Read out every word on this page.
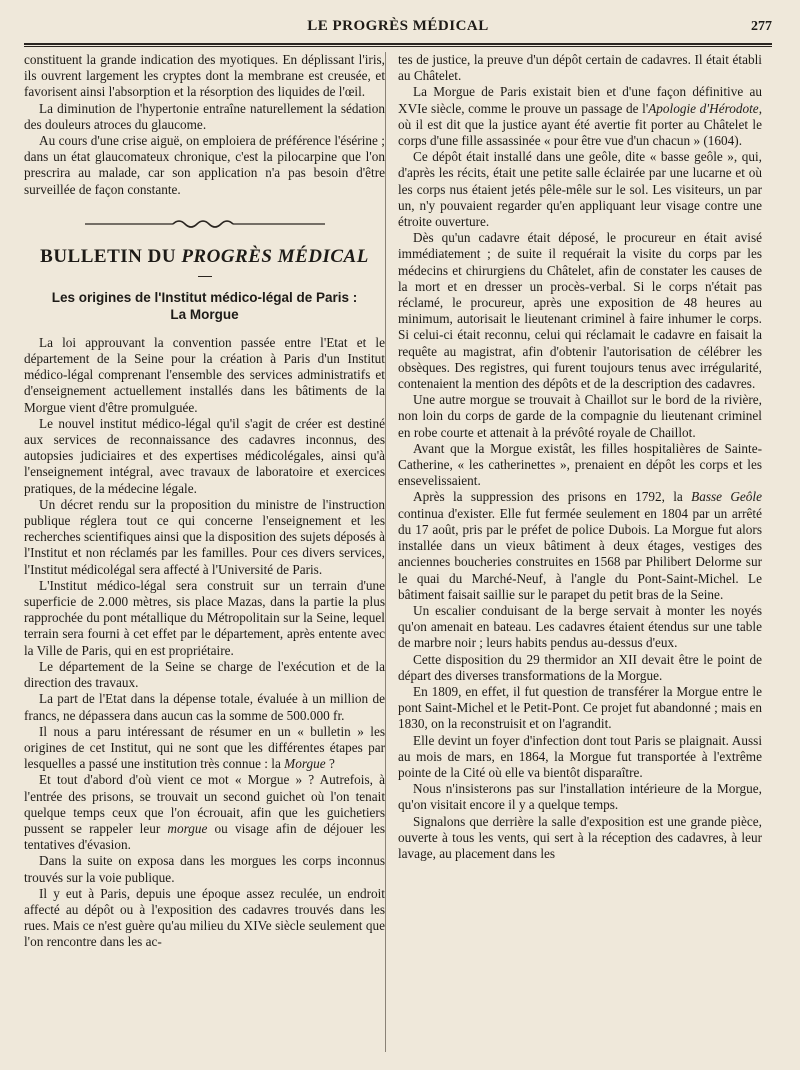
LE PROGRÈS MÉDICAL	277

constituent la grande indication des myotiques. En déplissant l'iris, ils ouvrent largement les cryptes dont la membrane est creusée, et favorisent ainsi l'absorption et la résorption des liquides de l'œil.

La diminution de l'hypertonie entraîne naturellement la sédation des douleurs atroces du glaucome.

Au cours d'une crise aiguë, on emploiera de préférence l'ésérine ; dans un état glaucomateux chronique, c'est la pilocarpine que l'on prescrira au malade, car son application n'a pas besoin d'être surveillée de façon constante.

BULLETIN DU PROGRÈS MÉDICAL
Les origines de l'Institut médico-légal de Paris :
La Morgue

La loi approuvant la convention passée entre l'Etat et le département de la Seine pour la création à Paris d'un Institut médico-légal comprenant l'ensemble des services administratifs et d'enseignement actuellement installés dans les bâtiments de la Morgue vient d'être promulguée.

Le nouvel institut médico-légal qu'il s'agit de créer est destiné aux services de reconnaissance des cadavres inconnus, des autopsies judiciaires et des expertises médicolégales, ainsi qu'à l'enseignement intégral, avec travaux de laboratoire et exercices pratiques, de la médecine légale.

Un décret rendu sur la proposition du ministre de l'instruction publique réglera tout ce qui concerne l'enseignement et les recherches scientifiques ainsi que la disposition des sujets déposés à l'Institut et non réclamés par les familles. Pour ces divers services, l'Institut médicolégal sera affecté à l'Université de Paris.

L'Institut médico-légal sera construit sur un terrain d'une superficie de 2.000 mètres, sis place Mazas, dans la partie la plus rapprochée du pont métallique du Métropolitain sur la Seine, lequel terrain sera fourni à cet effet par le département, après entente avec la Ville de Paris, qui en est propriétaire.

Le département de la Seine se charge de l'exécution et de la direction des travaux.

La part de l'Etat dans la dépense totale, évaluée à un million de francs, ne dépassera dans aucun cas la somme de 500.000 fr.

Il nous a paru intéressant de résumer en un « bulletin » les origines de cet Institut, qui ne sont que les différentes étapes par lesquelles a passé une institution très connue : la Morgue ?

Et tout d'abord d'où vient ce mot « Morgue » ? Autrefois, à l'entrée des prisons, se trouvait un second guichet où l'on tenait quelque temps ceux que l'on écrouait, afin que les guichetiers pussent se rappeler leur morgue ou visage afin de déjouer les tentatives d'évasion.

Dans la suite on exposa dans les morgues les corps inconnus trouvés sur la voie publique.

Il y eut à Paris, depuis une époque assez reculée, un endroit affecté au dépôt ou à l'exposition des cadavres trouvés dans les rues. Mais ce n'est guère qu'au milieu du XIVe siècle seulement que l'on rencontre dans les ac-

tes de justice, la preuve d'un dépôt certain de cadavres. Il était établi au Châtelet.

La Morgue de Paris existait bien et d'une façon définitive au XVIe siècle, comme le prouve un passage de l'Apologie d'Hérodote, où il est dit que la justice ayant été avertie fit porter au Châtelet le corps d'une fille assassinée « pour être vue d'un chacun » (1604).

Ce dépôt était installé dans une geôle, dite « basse geôle », qui, d'après les récits, était une petite salle éclairée par une lucarne et où les corps nus étaient jetés pêle-mêle sur le sol. Les visiteurs, un par un, n'y pouvaient regarder qu'en appliquant leur visage contre une étroite ouverture.

Dès qu'un cadavre était déposé, le procureur en était avisé immédiatement ; de suite il requérait la visite du corps par les médecins et chirurgiens du Châtelet, afin de constater les causes de la mort et en dresser un procès-verbal. Si le corps n'était pas réclamé, le procureur, après une exposition de 48 heures au minimum, autorisait le lieutenant criminel à faire inhumer le corps. Si celui-ci était reconnu, celui qui réclamait le cadavre en faisait la requête au magistrat, afin d'obtenir l'autorisation de célébrer les obsèques. Des registres, qui furent toujours tenus avec irrégularité, contenaient la mention des dépôts et de la description des cadavres.

Une autre morgue se trouvait à Chaillot sur le bord de la rivière, non loin du corps de garde de la compagnie du lieutenant criminel en robe courte et attenait à la prévôté royale de Chaillot.

Avant que la Morgue existât, les filles hospitalières de Sainte-Catherine, « les catherinettes », prenaient en dépôt les corps et les ensevelissaient.

Après la suppression des prisons en 1792, la Basse Geôle continua d'exister. Elle fut fermée seulement en 1804 par un arrêté du 17 août, pris par le préfet de police Dubois. La Morgue fut alors installée dans un vieux bâtiment à deux étages, vestiges des anciennes boucheries construites en 1568 par Philibert Delorme sur le quai du Marché-Neuf, à l'angle du Pont-Saint-Michel. Le bâtiment faisait saillie sur le parapet du petit bras de la Seine.

Un escalier conduisant de la berge servait à monter les noyés qu'on amenait en bateau. Les cadavres étaient étendus sur une table de marbre noir ; leurs habits pendus au-dessus d'eux.

Cette disposition du 29 thermidor an XII devait être le point de départ des diverses transformations de la Morgue.

En 1809, en effet, il fut question de transférer la Morgue entre le pont Saint-Michel et le Petit-Pont. Ce projet fut abandonné ; mais en 1830, on la reconstruisit et on l'agrandit.

Elle devint un foyer d'infection dont tout Paris se plaignait. Aussi au mois de mars, en 1864, la Morgue fut transportée à l'extrême pointe de la Cité où elle va bientôt disparaître.

Nous n'insisterons pas sur l'installation intérieure de la Morgue, qu'on visitait encore il y a quelque temps.

Signalons que derrière la salle d'exposition est une grande pièce, ouverte à tous les vents, qui sert à la réception des cadavres, à leur lavage, au placement dans les
